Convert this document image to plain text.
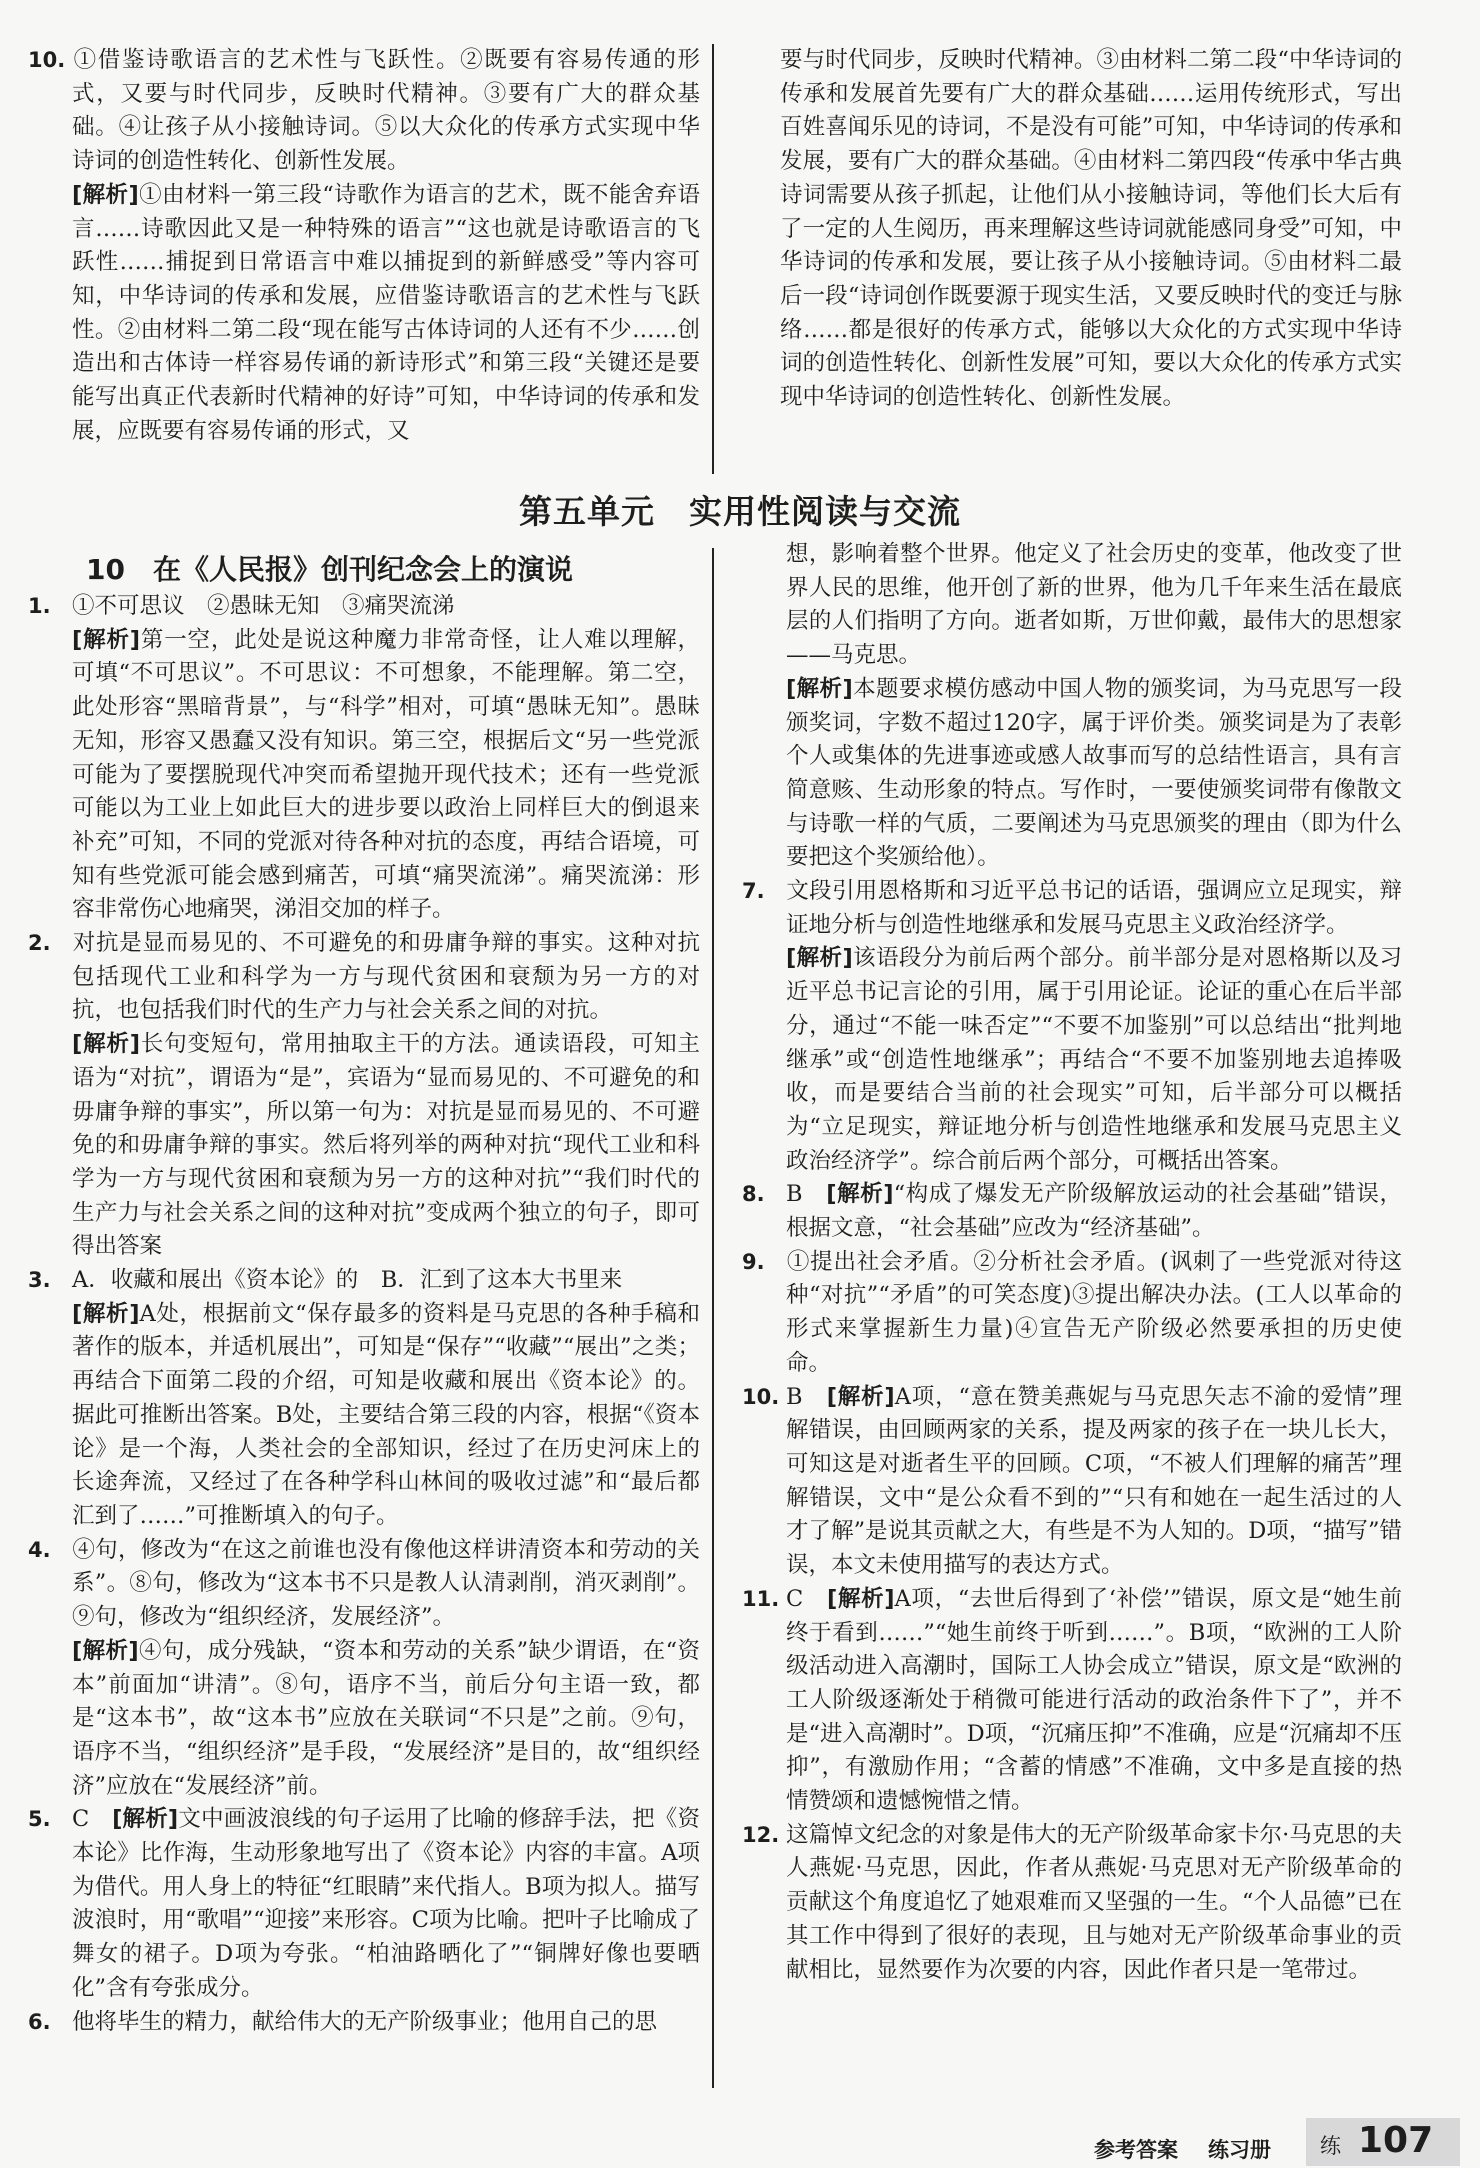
10. ①借鉴诗歌语言的艺术性与飞跃性。②既要有容易传通的形式，又要与时代同步，反映时代精神。③要有广大的群众基础。④让孩子从小接触诗词。⑤以大众化的传承方式实现中华诗词的创造性转化、创新性发展。
[解析]①由材料一第三段“诗歌作为语言的艺术，既不能舍弃语言……诗歌因此又是一种特殊的语言”“这也就是诗歌语言的飞跃性……捕捉到日常语言中难以捕捉到的新鲜感受”等内容可知，中华诗词的传承和发展，应借鉴诗歌语言的艺术性与飞跃性。②由材料二第二段“现在能写古体诗词的人还有不少……创造出和古体诗一样容易传诵的新诗形式”和第三段“关键还是要能写出真正代表新时代精神的好诗”可知，中华诗词的传承和发展，应既要有容易传诵的形式，又
要与时代同步，反映时代精神。③由材料二第二段“中华诗词的传承和发展首先要有广大的群众基础……运用传统形式，写出百姓喜闻乐见的诗词，不是没有可能”可知，中华诗词的传承和发展，要有广大的群众基础。④由材料二第四段“传承中华古典诗词需要从孩子抓起，让他们从小接触诗词，等他们长大后有了一定的人生阅历，再来理解这些诗词就能感同身受”可知，中华诗词的传承和发展，要让孩子从小接触诗词。⑤由材料二最后一段“诗词创作既要源于现实生活，又要反映时代的变迁与脉络……都是很好的传承方式，能够以大众化的方式实现中华诗词的创造性转化、创新性发展”可知，要以大众化的传承方式实现中华诗词的创造性转化、创新性发展。
第五单元　实用性阅读与交流
10　在《人民报》创刊纪念会上的演说
1. ①不可思议　②愚昧无知　③痛哭流涕
[解析]第一空，此处是说这种魔力非常奇怪，让人难以理解，可填“不可思议”。不可思议：不可想象，不能理解。第二空，此处形容“黑暗背景”，与“科学”相对，可填“愚昧无知”。愚昧无知，形容又愚蠢又没有知识。第三空，根据后文“另一些党派可能为了要摆脱现代冲突而希望抛开现代技术；还有一些党派可能以为工业上如此巨大的进步要以政治上同样巨大的倒退来补充”可知，不同的党派对待各种对抗的态度，再结合语境，可知有些党派可能会感到痛苦，可填“痛哭流涕”。痛哭流涕：形容非常伤心地痛哭，涕泪交加的样子。
2. 对抗是显而易见的、不可避免的和毋庸争辩的事实。这种对抗包括现代工业和科学为一方与现代贫困和衰颓为另一方的对抗，也包括我们时代的生产力与社会关系之间的对抗。
[解析]长句变短句，常用抽取主干的方法。通读语段，可知主语为“对抗”，谓语为“是”，宾语为“显而易见的、不可避免的和毋庸争辩的事实”，所以第一句为：对抗是显而易见的、不可避免的和毋庸争辩的事实。然后将列举的两种对抗“现代工业和科学为一方与现代贫困和衰颓为另一方的这种对抗”“我们时代的生产力与社会关系之间的这种对抗”变成两个独立的句子，即可得出答案
3. A．收藏和展出《资本论》的　B．汇到了这本大书里来
[解析]A处，根据前文“保存最多的资料是马克思的各种手稿和著作的版本，并适机展出”，可知是“保存”“收藏”“展出”之类；再结合下面第二段的介绍，可知是收藏和展出《资本论》的。据此可推断出答案。B处，主要结合第三段的内容，根据“《资本论》是一个海，人类社会的全部知识，经过了在历史河床上的长途奔流，又经过了在各种学科山林间的吸收过滤”和“最后都汇到了……”可推断填入的句子。
4. ④句，修改为“在这之前谁也没有像他这样讲清资本和劳动的关系”。⑧句，修改为“这本书不只是教人认清剥削，消灭剥削”。⑨句，修改为“组织经济，发展经济”。
[解析]④句，成分残缺，“资本和劳动的关系”缺少谓语，在“资本”前面加“讲清”。⑧句，语序不当，前后分句主语一致，都是“这本书”，故“这本书”应放在关联词“不只是”之前。⑨句，语序不当，“组织经济”是手段，“发展经济”是目的，故“组织经济”应放在“发展经济”前。
5. C　 [解析]文中画波浪线的句子运用了比喻的修辞手法，把《资本论》比作海，生动形象地写出了《资本论》内容的丰富。A项为借代。用人身上的特征“红眼睛”来代指人。B项为拟人。描写波浪时，用“歌唱”“迎接”来形容。C项为比喻。把叶子比喻成了舞女的裙子。D项为夸张。“柏油路晒化了”“铜牌好像也要晒化”含有夸张成分。
6. 他将毕生的精力，献给伟大的无产阶级事业；他用自己的思
想，影响着整个世界。他定义了社会历史的变革，他改变了世界人民的思维，他开创了新的世界，他为几千年来生活在最底层的人们指明了方向。逝者如斯，万世仰戴，最伟大的思想家——马克思。
[解析]本题要求模仿感动中国人物的颁奖词，为马克思写一段颁奖词，字数不超过120字，属于评价类。颁奖词是为了表彰个人或集体的先进事迹或感人故事而写的总结性语言，具有言简意赅、生动形象的特点。写作时，一要使颁奖词带有像散文与诗歌一样的气质，二要阐述为马克思颁奖的理由（即为什么要把这个奖颁给他）。
7. 文段引用恩格斯和习近平总书记的话语，强调应立足现实，辩证地分析与创造性地继承和发展马克思主义政治经济学。
[解析]该语段分为前后两个部分。前半部分是对恩格斯以及习近平总书记言论的引用，属于引用论证。论证的重心在后半部分，通过“不能一味否定”“不要不加鉴别”可以总结出“批判地继承”或“创造性地继承”；再结合“不要不加鉴别地去追捧吸收，而是要结合当前的社会现实”可知，后半部分可以概括为“立足现实，辩证地分析与创造性地继承和发展马克思主义政治经济学”。综合前后两个部分，可概括出答案。
8. B　 [解析]“构成了爆发无产阶级解放运动的社会基础”错误，根据文意，“社会基础”应改为“经济基础”。
9. ①提出社会矛盾。②分析社会矛盾。(讽刺了一些党派对待这种“对抗”“矛盾”的可笑态度)③提出解决办法。(工人以革命的形式来掌握新生力量)④宣告无产阶级必然要承担的历史使命。
10. B　 [解析]A项，“意在赞美燕妮与马克思矢志不渝的爱情”理解错误，由回顾两家的关系，提及两家的孩子在一块儿长大，可知这是对逝者生平的回顾。C项，“不被人们理解的痛苦”理解错误，文中“是公众看不到的”“只有和她在一起生活过的人才了解”是说其贡献之大，有些是不为人知的。D项，“描写”错误，本文未使用描写的表达方式。
11. C　 [解析]A项，“去世后得到了‘补偿’”错误，原文是“她生前终于看到……”“她生前终于听到……”。B项，“欧洲的工人阶级活动进入高潮时，国际工人协会成立”错误，原文是“欧洲的工人阶级逐渐处于稍微可能进行活动的政治条件下了”，并不是“进入高潮时”。D项，“沉痛压抑”不准确，应是“沉痛却不压抑”，有激励作用；“含蓄的情感”不准确，文中多是直接的热情赞颂和遗憾惋惜之情。
12. 这篇悼文纪念的对象是伟大的无产阶级革命家卡尔·马克思的夫人燕妮·马克思，因此，作者从燕妮·马克思对无产阶级革命的贡献这个角度追忆了她艰难而又坚强的一生。“个人品德”已在其工作中得到了很好的表现，且与她对无产阶级革命事业的贡献相比，显然要作为次要的内容，因此作者只是一笔带过。
参考答案 练习册 练 107
